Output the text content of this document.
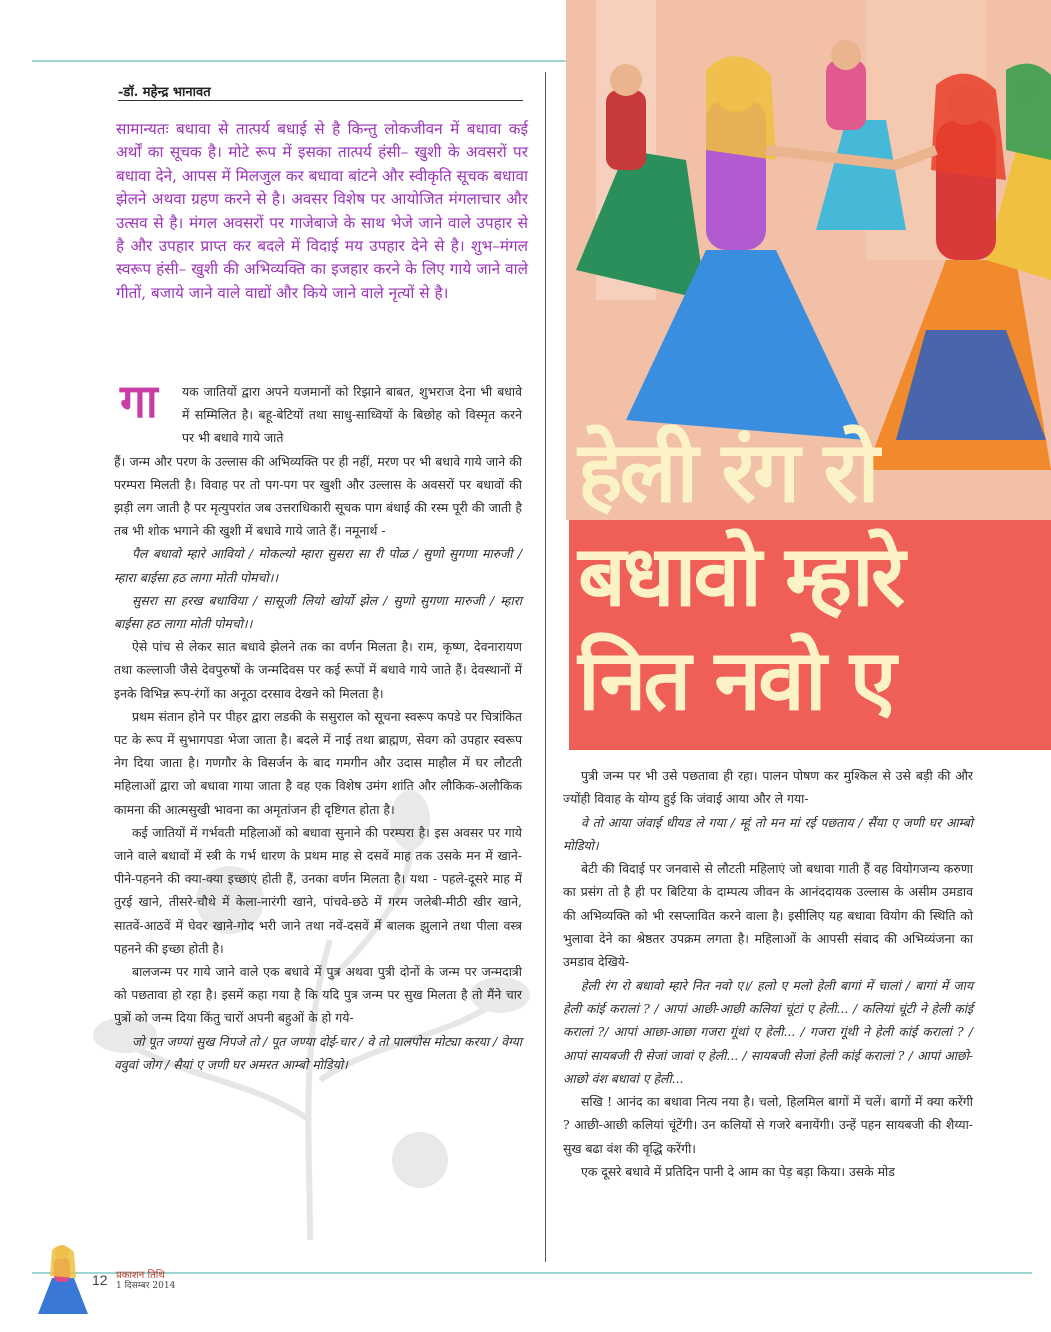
-डॉ. महेन्द्र भानावत
सामान्यतः बधावा से तात्पर्य बधाई से है किन्तु लोकजीवन में बधावा कई अर्थों का सूचक है। मोटे रूप में इसका तात्पर्य हंसी– खुशी के अवसरों पर बधावा देने, आपस में मिलजुल कर बधावा बांटने और स्वीकृति सूचक बधावा झेलने अथवा ग्रहण करने से है। अवसर विशेष पर आयोजित मंगलाचार और उत्सव से है। मंगल अवसरों पर गाजेबाजे के साथ भेजे जाने वाले उपहार से है और उपहार प्राप्त कर बदले में विदाई मय उपहार देने से है। शुभ–मंगल स्वरूप हंसी– खुशी की अभिव्यक्ति का इजहार करने के लिए गाये जाने वाले गीतों, बजाये जाने वाले वाद्यों और किये जाने वाले नृत्यों से है।
गा	यक जातियों द्वारा अपने यजमानों को रिझाने बाबत, शुभराज देना भी बधावे में सम्मिलित है। बहू-बेटियों तथा साधु-साध्वियों के बिछोह को विस्मृत करने पर भी बधावे गाये जाते

हैं। जन्म और परण के उल्लास की अभिव्यक्ति पर ही नहीं, मरण पर भी बधावे गाये जाने की परम्परा मिलती है। विवाह पर तो पग-पग पर खुशी और उल्लास के अवसरों पर बधावों की झड़ी लग जाती है पर मृत्युपरांत जब उत्तराधिकारी सूचक पाग बंधाई की रस्म पूरी की जाती है तब भी शोक भगाने की खुशी में बधावे गाये जाते हैं। नमूनार्थ -

पैल बधावो म्हारे आवियो / मोकल्यो म्हारा सुसरा सा री पोळ / सुणो सुगणा मारुजी / म्हारा बाईसा हठ लागा मोती पोमचो।।

सुसरा सा हरख बधाविया / सासूजी लियो खोर्यो झेल / सुणो सुगणा मारुजी / म्हारा बाईसा हठ लागा मोती पोमचो।।

ऐसे पांच से लेकर सात बधावे झेलने तक का वर्णन मिलता है। राम, कृष्ण, देवनारायण तथा कल्लाजी जैसे देवपुरुषों के जन्मदिवस पर कई रूपों में बधावे गाये जाते हैं। देवस्थानों में इनके विभिन्न रूप-रंगों का अनूठा दरसाव देखने को मिलता है।

प्रथम संतान होने पर पीहर द्वारा लडकी के ससुराल को सूचना स्वरूप कपडे पर चित्रांकित पट के रूप में सुभागपडा भेजा जाता है। बदले में नाई तथा ब्राह्मण, सेवग को उपहार स्वरूप नेग दिया जाता है। गणगौर के विसर्जन के बाद गमगीन और उदास माहौल में घर लौटती महिलाओं द्वारा जो बधावा गाया जाता है वह एक विशेष उमंग शांति और लौकिक-अलौकिक कामना की आत्मसुखी भावना का अमृतांजन ही दृष्टिगत होता है।

कई जातियों में गर्भवती महिलाओं को बधावा सुनाने की परम्परा है। इस अवसर पर गाये जाने वाले बधावों में स्त्री के गर्भ धारण के प्रथम माह से दसवें माह तक उसके मन में खाने-पीने-पहनने की क्या-क्या इच्छाएं होती हैं, उनका वर्णन मिलता है। यथा - पहले-दूसरे माह में तुरई खाने, तीसरे-चौथे में केला-नारंगी खाने, पांचवे-छठे में गरम जलेबी-मीठी खीर खाने, सातवें-आठवें में घेवर खाने-गोद भरी जाने तथा नवें-दसवें में बालक झुलाने तथा पीला वस्त्र पहनने की इच्छा होती है।

बालजन्म पर गाये जाने वाले एक बधावे में पुत्र अथवा पुत्री दोनों के जन्म पर जन्मदात्री को पछतावा हो रहा है। इसमें कहा गया है कि यदि पुत्र जन्म पर सुख मिलता है तो मैंने चार पुत्रों को जन्म दिया किंतु चारों अपनी बहुओं के हो गये-

जो पूत जण्यां सुख निपजे तो / पूत जण्या दोई-चार / वे तो पालपोस मोट्या करया / वेग्या ववुवां जोग / सैयां ए जणी घर अमरत आम्बो मोडियो।

हेली रंग रो
बधावो म्हारे
नित नवो ए

पुत्री जन्म पर भी उसे पछतावा ही रहा। पालन पोषण कर मुश्किल से उसे बड़ी की और ज्योंही विवाह के योग्य हुई कि जंवाई आया और ले गया-

वे तो आया जंवाई धीयड ले गया / म्हूं तो मन मां रई पछताय / सैंया ए जणी घर आम्बो मोडियो।

बेटी की विदाई पर जनवासे से लौटती महिलाएं जो बधावा गाती हैं वह वियोगजन्य करुणा का प्रसंग तो है ही पर बिटिया के दाम्पत्य जीवन के आनंददायक उल्लास के असीम उमडाव की अभिव्यक्ति को भी रसप्लावित करने वाला है। इसीलिए यह बधावा वियोग की स्थिति को भुलावा देने का श्रेष्ठतर उपक्रम लगता है। महिलाओं के आपसी संवाद की अभिव्यंजना का उमडाव देखिये-

हेली रंग रो बधावो म्हारे नित नवो ए।/ हलो ए मलो हेली बागां में चालां / बागां में जाय हेली कांई करालां ? / आपां आछी-आछी कलियां चूंटां ए हेली... / कलियां चूंटी ने हेली कांई करालां ?/ आपां आछा-आछा गजरा गूंथां ए हेली... / गजरा गूंथी ने हेली कांई करालां ? / आपां सायबजी री सेजां जावां ए हेली... / सायबजी सेजां हेली कांई करालां ? / आपां आछो-आछो वंश बधावां ए हेली...

सखि ! आनंद का बधावा नित्य नया है। चलो, हिलमिल बागों में चलें। बागों में क्या करेंगी ? आछी-आछी कलियां चूंटेंगी। उन कलियों से गजरे बनायेंगी। उन्हें पहन सायबजी की शैय्या-सुख बढा वंश की वृद्धि करेंगी।

एक दूसरे बधावे में प्रतिदिन पानी दे आम का पेड़ बड़ा किया। उसके मोड

12 प्रकाशन तिथि
1 दिसम्बर 2014
